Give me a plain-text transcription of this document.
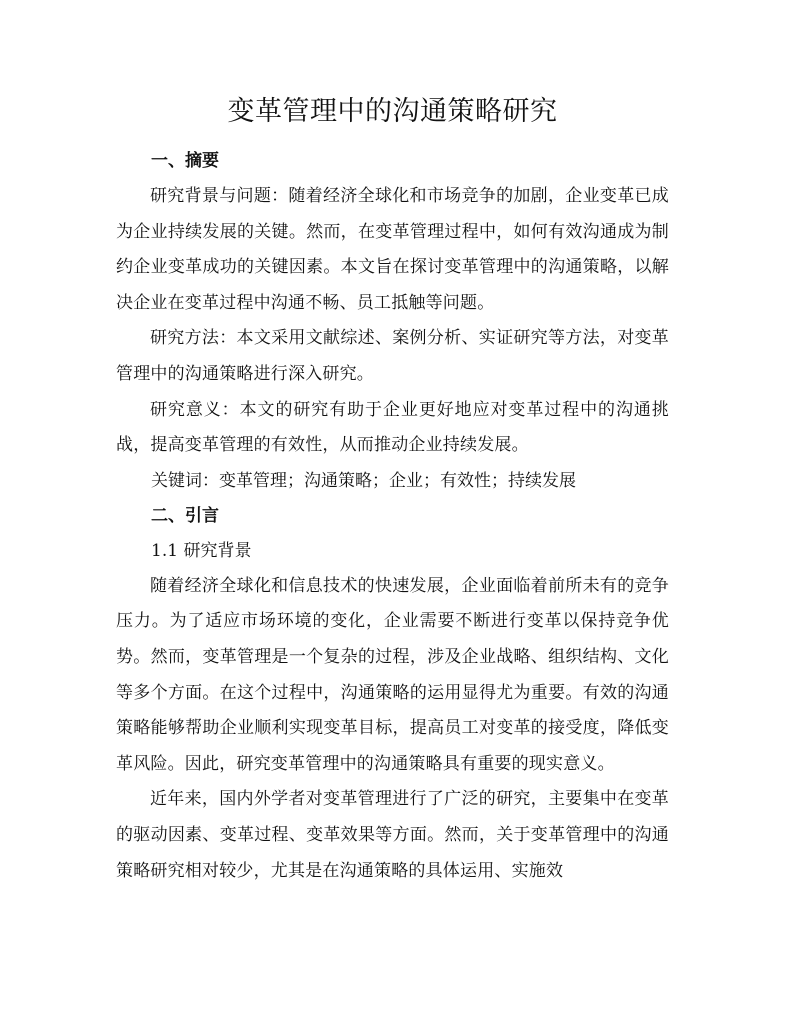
变革管理中的沟通策略研究

一、摘要

研究背景与问题：随着经济全球化和市场竞争的加剧，企业变革已成为企业持续发展的关键。然而，在变革管理过程中，如何有效沟通成为制约企业变革成功的关键因素。本文旨在探讨变革管理中的沟通策略，以解决企业在变革过程中沟通不畅、员工抵触等问题。

研究方法：本文采用文献综述、案例分析、实证研究等方法，对变革管理中的沟通策略进行深入研究。

研究意义：本文的研究有助于企业更好地应对变革过程中的沟通挑战，提高变革管理的有效性，从而推动企业持续发展。

关键词：变革管理；沟通策略；企业；有效性；持续发展

二、引言

1.1 研究背景

随着经济全球化和信息技术的快速发展，企业面临着前所未有的竞争压力。为了适应市场环境的变化，企业需要不断进行变革以保持竞争优势。然而，变革管理是一个复杂的过程，涉及企业战略、组织结构、文化等多个方面。在这个过程中，沟通策略的运用显得尤为重要。有效的沟通策略能够帮助企业顺利实现变革目标，提高员工对变革的接受度，降低变革风险。因此，研究变革管理中的沟通策略具有重要的现实意义。

近年来，国内外学者对变革管理进行了广泛的研究，主要集中在变革的驱动因素、变革过程、变革效果等方面。然而，关于变革管理中的沟通策略研究相对较少，尤其是在沟通策略的具体运用、实施效
